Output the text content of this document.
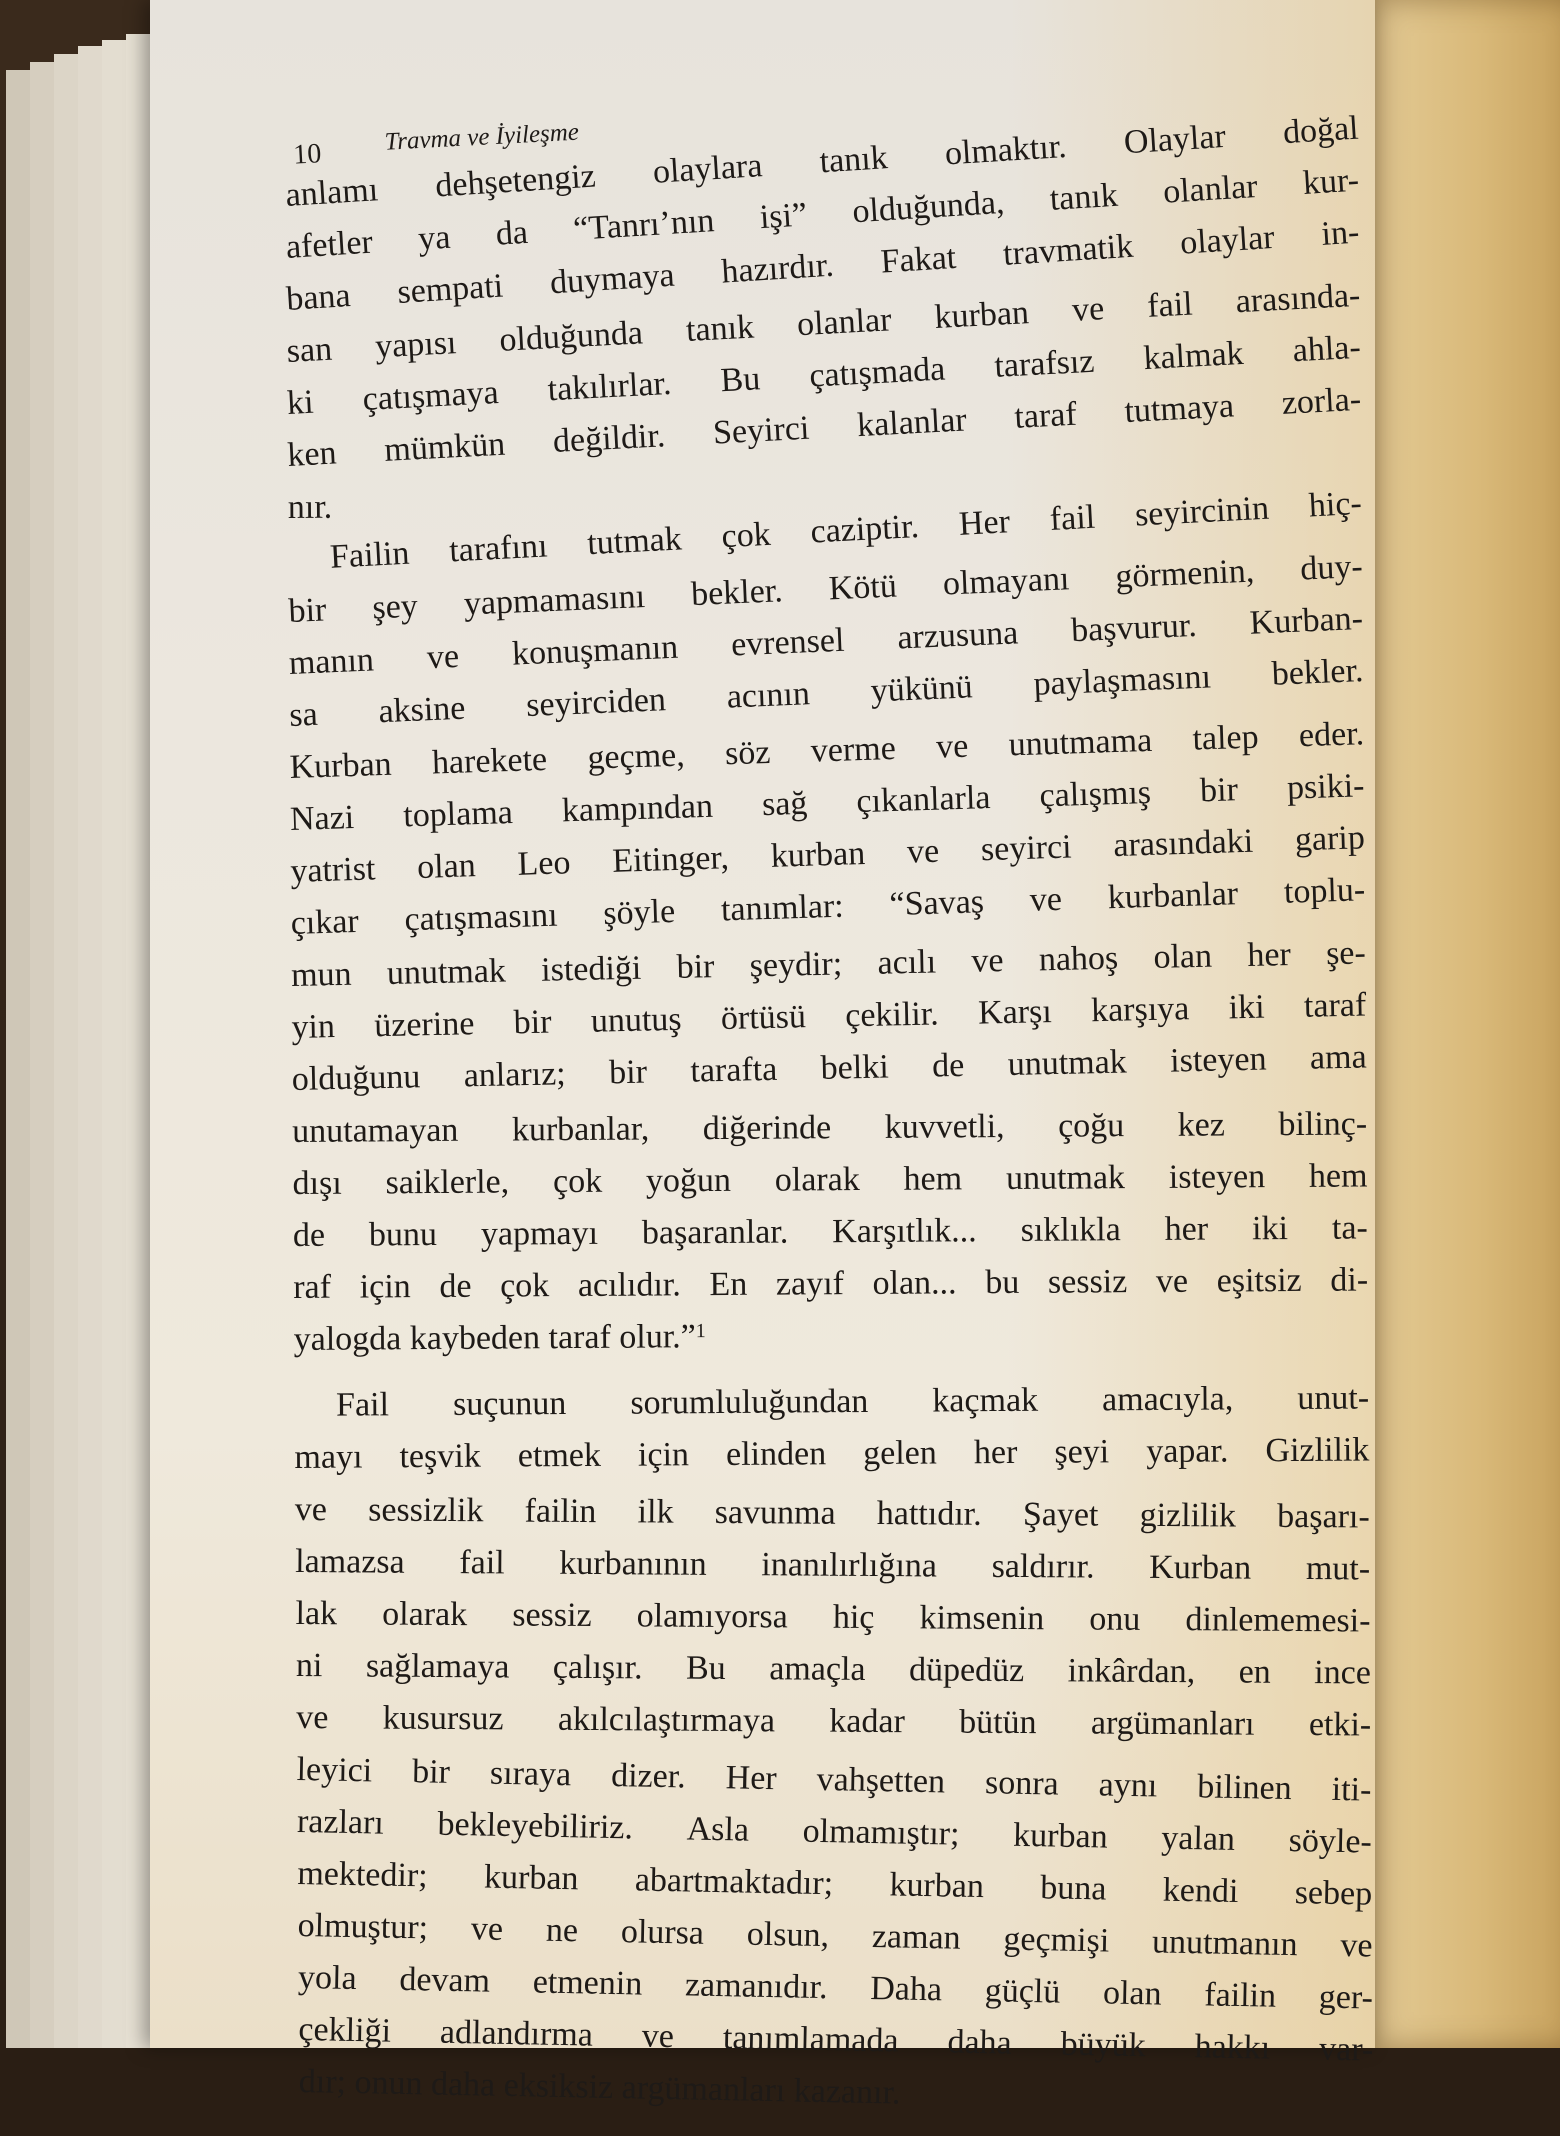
10 Travma ve İyileşme
anlamı dehşetengiz olaylara tanık olmaktır. Olaylar doğal
afetler ya da “Tanrı’nın işi” olduğunda, tanık olanlar kur-
bana sempati duymaya hazırdır. Fakat travmatik olaylar in-
san yapısı olduğunda tanık olanlar kurban ve fail arasında-
ki çatışmaya takılırlar. Bu çatışmada tarafsız kalmak ahla-
ken mümkün değildir. Seyirci kalanlar taraf tutmaya zorla-
nır.
Failin tarafını tutmak çok caziptir. Her fail seyircinin hiç-
bir şey yapmamasını bekler. Kötü olmayanı görmenin, duy-
manın ve konuşmanın evrensel arzusuna başvurur. Kurban-
sa aksine seyirciden acının yükünü paylaşmasını bekler.
Kurban harekete geçme, söz verme ve unutmama talep eder.
Nazi toplama kampından sağ çıkanlarla çalışmış bir psiki-
yatrist olan Leo Eitinger, kurban ve seyirci arasındaki garip
çıkar çatışmasını şöyle tanımlar: “Savaş ve kurbanlar toplu-
mun unutmak istediği bir şeydir; acılı ve nahoş olan her şe-
yin üzerine bir unutuş örtüsü çekilir. Karşı karşıya iki taraf
olduğunu anlarız; bir tarafta belki de unutmak isteyen ama
unutamayan kurbanlar, diğerinde kuvvetli, çoğu kez bilinç-
dışı saiklerle, çok yoğun olarak hem unutmak isteyen hem
de bunu yapmayı başaranlar. Karşıtlık... sıklıkla her iki ta-
raf için de çok acılıdır. En zayıf olan... bu sessiz ve eşitsiz di-
yalogda kaybeden taraf olur.”$^1$
Fail suçunun sorumluluğundan kaçmak amacıyla, unut-
mayı teşvik etmek için elinden gelen her şeyi yapar. Gizlilik
ve sessizlik failin ilk savunma hattıdır. Şayet gizlilik başarı-
lamazsa fail kurbanının inanılırlığına saldırır. Kurban mut-
lak olarak sessiz olamıyorsa hiç kimsenin onu dinlememesi-
ni sağlamaya çalışır. Bu amaçla düpedüz inkârdan, en ince
ve kusursuz akılcılaştırmaya kadar bütün argümanları etki-
leyici bir sıraya dizer. Her vahşetten sonra aynı bilinen iti-
razları bekleyebiliriz. Asla olmamıştır; kurban yalan söyle-
mektedir; kurban abartmaktadır; kurban buna kendi sebep
olmuştur; ve ne olursa olsun, zaman geçmişi unutmanın ve
yola devam etmenin zamanıdır. Daha güçlü olan failin ger-
çekliği adlandırma ve tanımlamada daha büyük hakkı var-
dır; onun daha eksiksiz argümanları kazanır.
